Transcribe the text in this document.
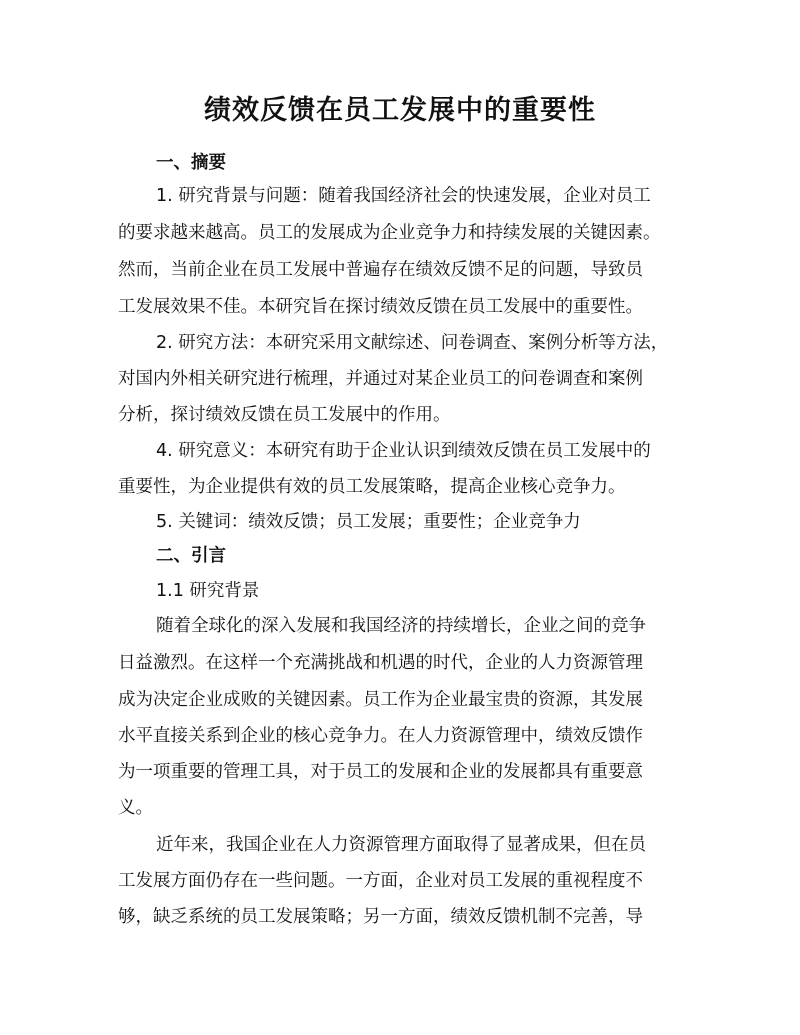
绩效反馈在员工发展中的重要性
一、摘要
1. 研究背景与问题：随着我国经济社会的快速发展，企业对员工
的要求越来越高。员工的发展成为企业竞争力和持续发展的关键因素。
然而，当前企业在员工发展中普遍存在绩效反馈不足的问题，导致员
工发展效果不佳。本研究旨在探讨绩效反馈在员工发展中的重要性。
2. 研究方法：本研究采用文献综述、问卷调查、案例分析等方法，
对国内外相关研究进行梳理，并通过对某企业员工的问卷调查和案例
分析，探讨绩效反馈在员工发展中的作用。
4. 研究意义：本研究有助于企业认识到绩效反馈在员工发展中的
重要性，为企业提供有效的员工发展策略，提高企业核心竞争力。
5. 关键词：绩效反馈；员工发展；重要性；企业竞争力
二、引言
1.1 研究背景
随着全球化的深入发展和我国经济的持续增长，企业之间的竞争
日益激烈。在这样一个充满挑战和机遇的时代，企业的人力资源管理
成为决定企业成败的关键因素。员工作为企业最宝贵的资源，其发展
水平直接关系到企业的核心竞争力。在人力资源管理中，绩效反馈作
为一项重要的管理工具，对于员工的发展和企业的发展都具有重要意
义。
近年来，我国企业在人力资源管理方面取得了显著成果，但在员
工发展方面仍存在一些问题。一方面，企业对员工发展的重视程度不
够，缺乏系统的员工发展策略；另一方面，绩效反馈机制不完善，导
